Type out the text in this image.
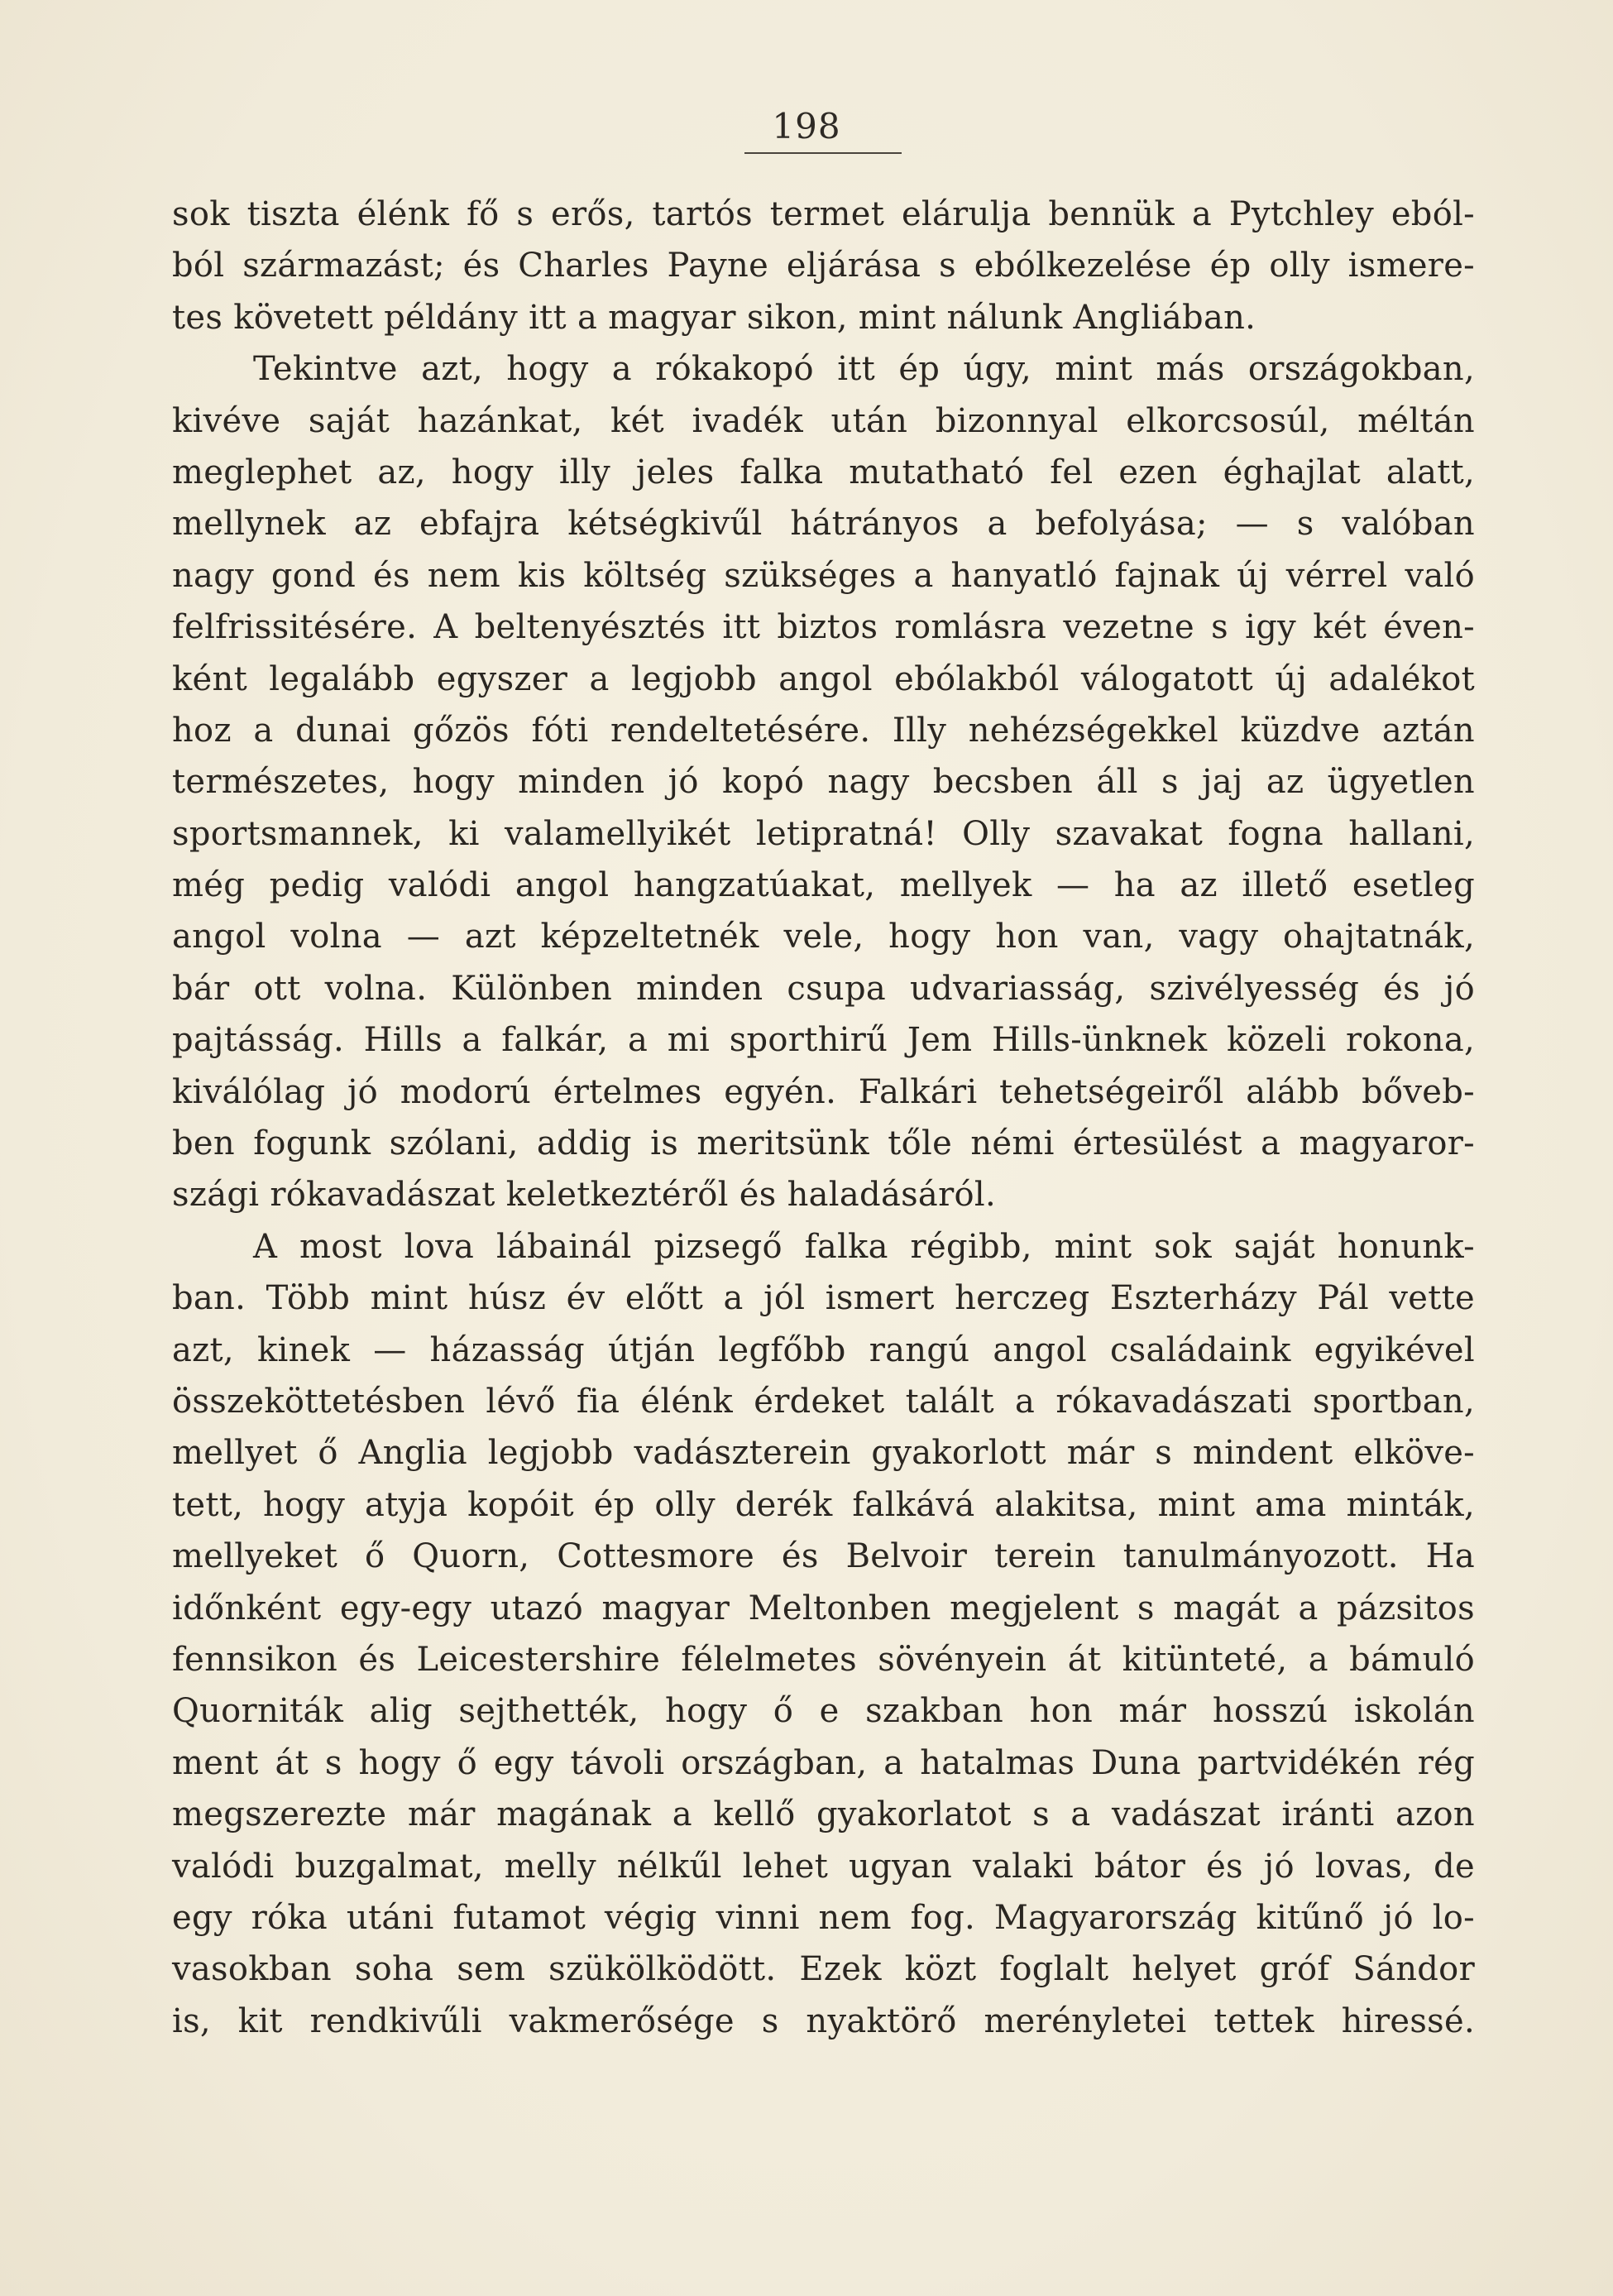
198
sok tiszta élénk fő s erős, tartós termet elárulja bennük a Pytchley eból-
ból származást; és Charles Payne eljárása s ebólkezelése ép olly ismere-
tes követett példány itt a magyar sikon, mint nálunk Angliában.
Tekintve azt, hogy a rókakopó itt ép úgy, mint más országokban,
kivéve saját hazánkat, két ivadék után bizonnyal elkorcsosúl, méltán
meglephet az, hogy illy jeles falka mutatható fel ezen éghajlat alatt,
mellynek az ebfajra kétségkivűl hátrányos a befolyása; — s valóban
nagy gond és nem kis költség szükséges a hanyatló fajnak új vérrel való
felfrissitésére. A beltenyésztés itt biztos romlásra vezetne s igy két éven-
ként legalább egyszer a legjobb angol ebólakból válogatott új adalékot
hoz a dunai gőzös fóti rendeltetésére. Illy nehézségekkel küzdve aztán
természetes, hogy minden jó kopó nagy becsben áll s jaj az ügyetlen
sportsmannek, ki valamellyikét letipratná! Olly szavakat fogna hallani,
még pedig valódi angol hangzatúakat, mellyek — ha az illető esetleg
angol volna — azt képzeltetnék vele, hogy hon van, vagy ohajtatnák,
bár ott volna. Különben minden csupa udvariasság, szivélyesség és jó
pajtásság. Hills a falkár, a mi sporthirű Jem Hills-ünknek közeli rokona,
kiválólag jó modorú értelmes egyén. Falkári tehetségeiről alább bőveb-
ben fogunk szólani, addig is meritsünk tőle némi értesülést a magyaror-
szági rókavadászat keletkeztéről és haladásáról.
A most lova lábainál pizsegő falka régibb, mint sok saját honunk-
ban. Több mint húsz év előtt a jól ismert herczeg Eszterházy Pál vette
azt, kinek — házasság útján legfőbb rangú angol családaink egyikével
összeköttetésben lévő fia élénk érdeket talált a rókavadászati sportban,
mellyet ő Anglia legjobb vadászterein gyakorlott már s mindent elköve-
tett, hogy atyja kopóit ép olly derék falkává alakitsa, mint ama minták,
mellyeket ő Quorn, Cottesmore és Belvoir terein tanulmányozott. Ha
időnként egy-egy utazó magyar Meltonben megjelent s magát a pázsitos
fennsikon és Leicestershire félelmetes sövényein át kitünteté, a bámuló
Quorniták alig sejthették, hogy ő e szakban hon már hosszú iskolán
ment át s hogy ő egy távoli országban, a hatalmas Duna partvidékén rég
megszerezte már magának a kellő gyakorlatot s a vadászat iránti azon
valódi buzgalmat, melly nélkűl lehet ugyan valaki bátor és jó lovas, de
egy róka utáni futamot végig vinni nem fog. Magyarország kitűnő jó lo-
vasokban soha sem szükölködött. Ezek közt foglalt helyet gróf Sándor
is, kit rendkivűli vakmerősége s nyaktörő merényletei tettek hiressé.
